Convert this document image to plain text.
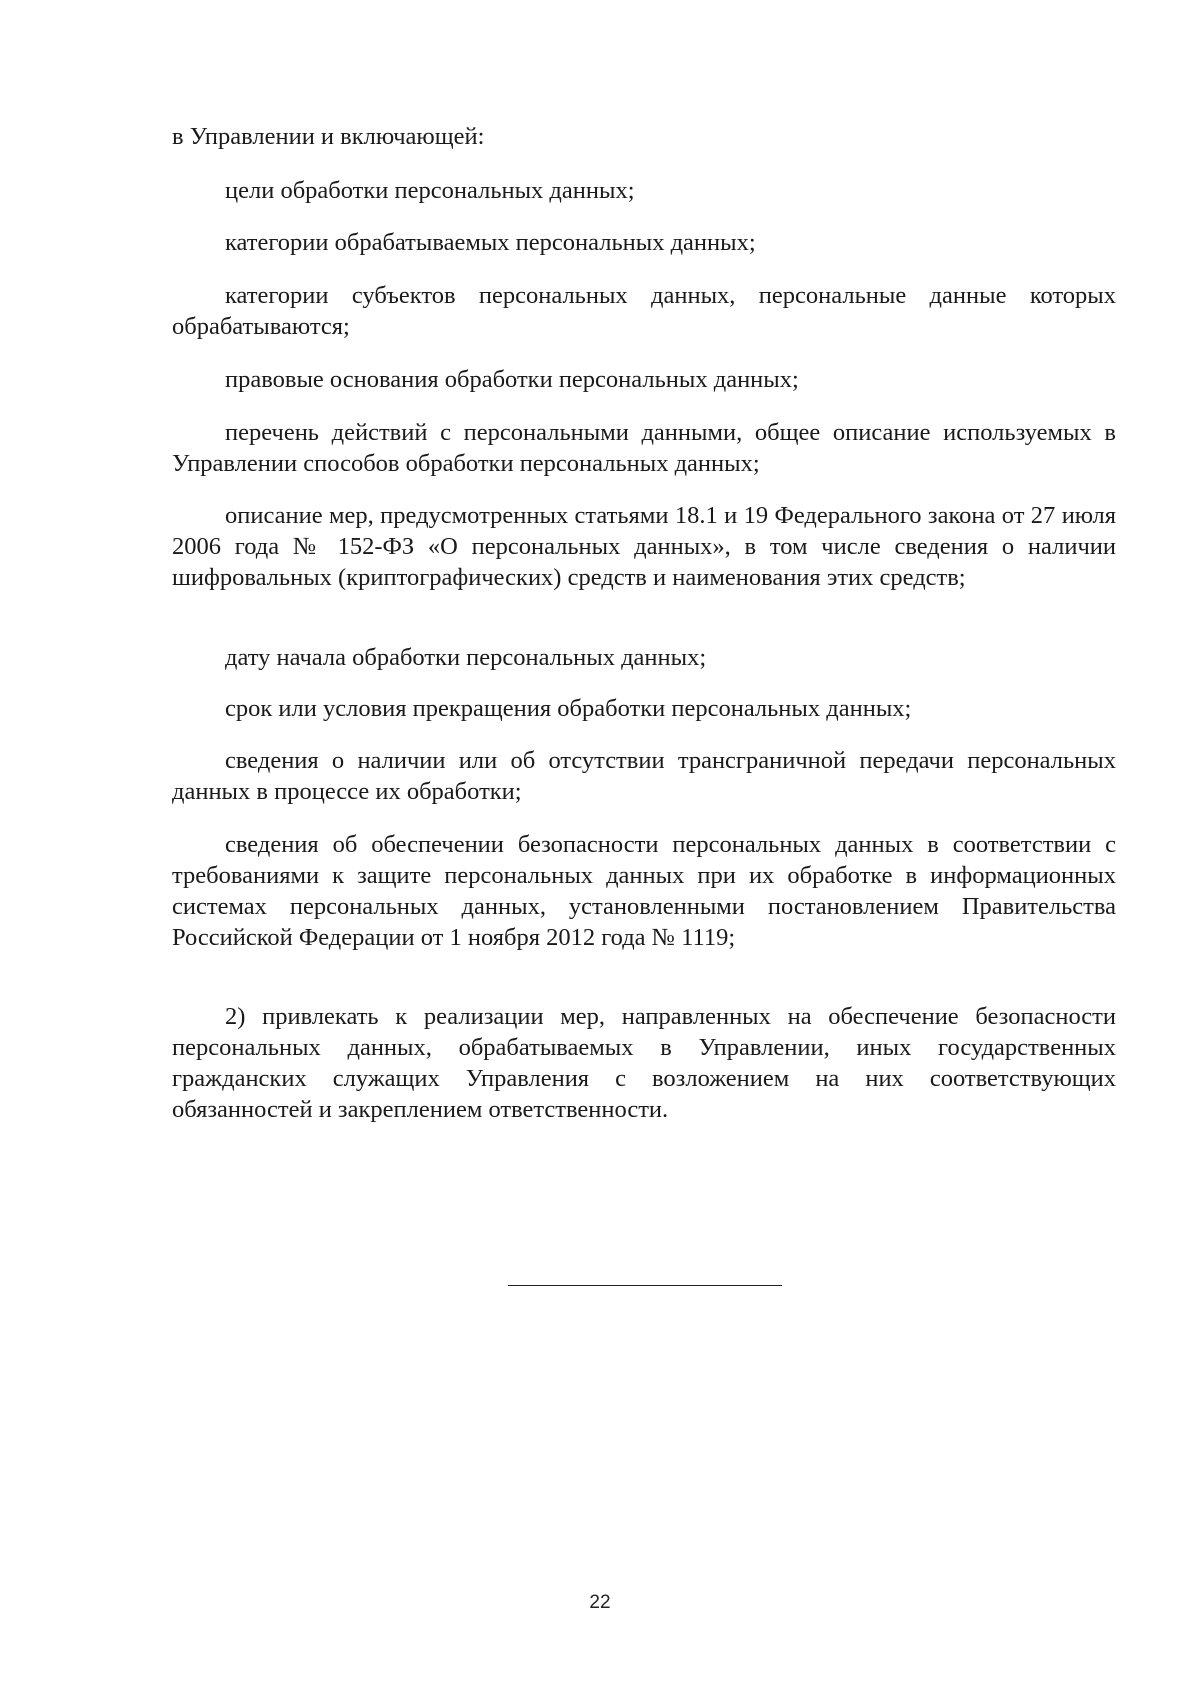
в Управлении и включающей:

цели обработки персональных данных;

категории обрабатываемых персональных данных;

категории субъектов персональных данных, персональные данные которых обрабатываются;

правовые основания обработки персональных данных;

перечень действий с персональными данными, общее описание используемых в Управлении способов обработки персональных данных;

описание мер, предусмотренных статьями 18.1 и 19 Федерального закона от 27 июля 2006 года № 152-ФЗ «О персональных данных», в том числе сведения о наличии шифровальных (криптографических) средств и наименования этих средств;

дату начала обработки персональных данных;

срок или условия прекращения обработки персональных данных;

сведения о наличии или об отсутствии трансграничной передачи персональных данных в процессе их обработки;

сведения об обеспечении безопасности персональных данных в соответствии с требованиями к защите персональных данных при их обработке в информационных системах персональных данных, установленными постановлением Правительства Российской Федерации от 1 ноября 2012 года № 1119;

2) привлекать к реализации мер, направленных на обеспечение безопасности персональных данных, обрабатываемых в Управлении, иных государственных гражданских служащих Управления с возложением на них соответствующих обязанностей и закреплением ответственности.

22
